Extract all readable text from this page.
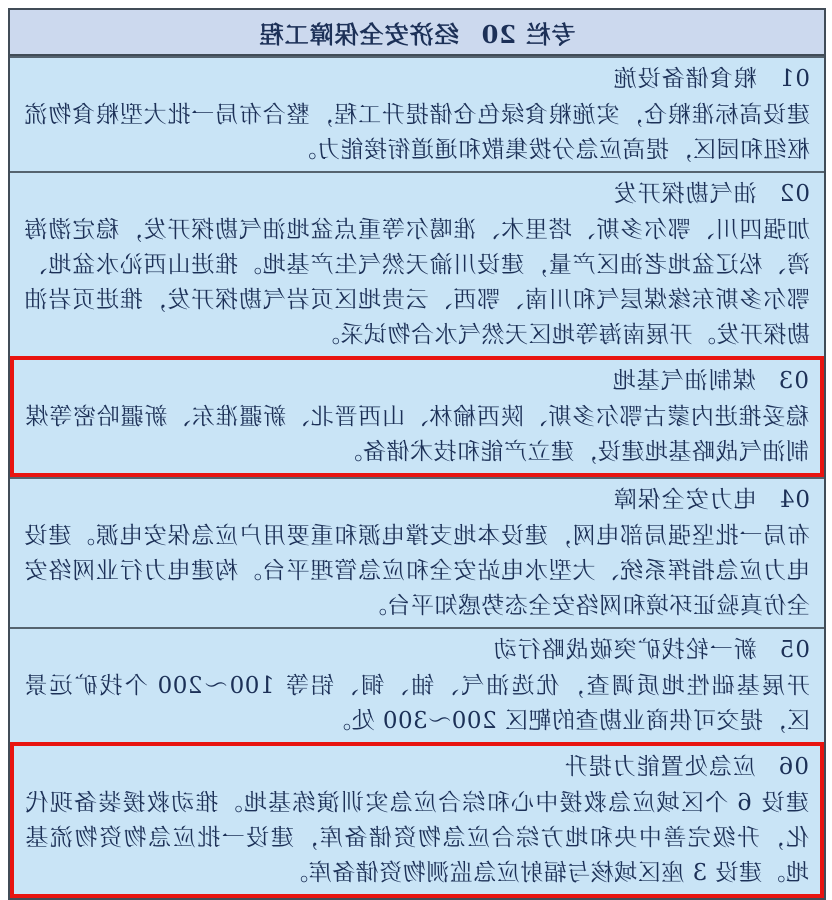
专栏 20
经济安全保障工程
01粮食储备设施

建设高标准粮仓，实施粮食绿色仓储提升工程，整合布局一批大型粮食物流枢纽和园区，提高应急分拨集散和通道衔接能力。

02油气勘探开发

加强四川、鄂尔多斯、塔里木、准噶尔等重点盆地油气勘探开发，稳定渤海湾、松辽盆地老油区产量，建设川渝天然气生产基地。推进山西沁水盆地、鄂尔多斯东缘煤层气和川南、鄂西、云贵地区页岩气勘探开发，推进页岩油勘探开发。开展南海等地区天然气水合物试采。

03煤制油气基地

稳妥推进内蒙古鄂尔多斯、陕西榆林、山西晋北、新疆准东、新疆哈密等煤制油气战略基地建设，建立产能和技术储备。

04电力安全保障

布局一批坚强局部电网，建设本地支撑电源和重要用户应急保安电源。建设电力应急指挥系统、大型水电站安全和应急管理平台。构建电力行业网络安全仿真验证环境和网络安全态势感知平台。

05新一轮找矿突破战略行动

开展基础性地质调查，优选油气、铀、铜、铝等 100～200 个找矿远景区，提交可供商业勘查的靶区 200～300 处。

06应急处置能力提升

建设 6 个区域应急救援中心和综合应急实训演练基地。推动救援装备现代化，升级完善中央和地方综合应急物资储备库，建设一批应急物资物流基地。建设 3 座区域核与辐射应急监测物资储备库。
